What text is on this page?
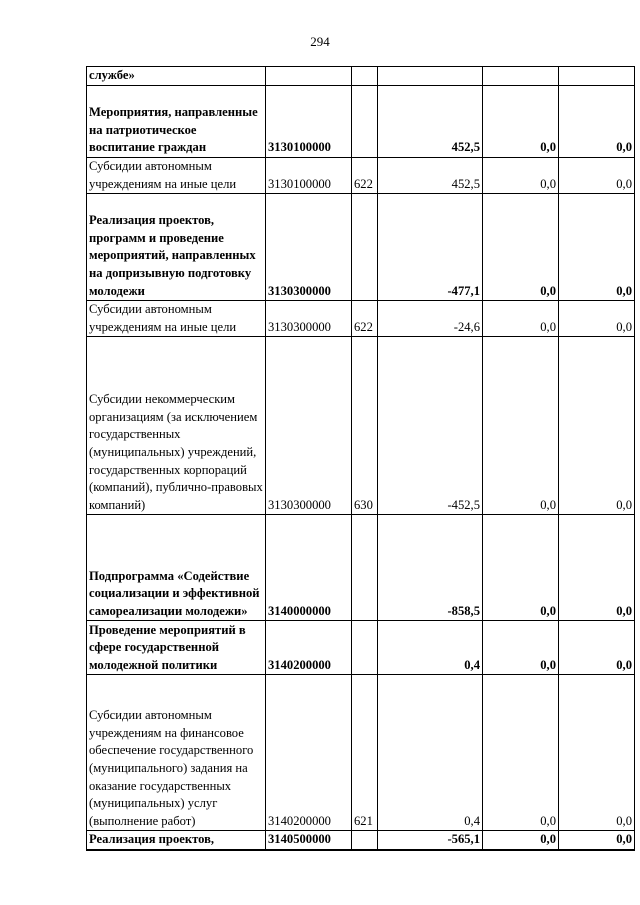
294
службе»					
Мероприятия, направленные на патриотическое воспитание граждан	3130100000		452,5	0,0	0,0
Субсидии автономным учреждениям на иные цели	3130100000	622	452,5	0,0	0,0
Реализация проектов, программ и проведение мероприятий, направленных на допризывную подготовку молодежи	3130300000		-477,1	0,0	0,0
Субсидии автономным учреждениям на иные цели	3130300000	622	-24,6	0,0	0,0
Субсидии некоммерческим организациям (за исключением государственных (муниципальных) учреждений, государственных корпораций (компаний), публично-правовых компаний)	3130300000	630	-452,5	0,0	0,0
Подпрограмма «Содействие социализации и эффективной самореализации молодежи»	3140000000		-858,5	0,0	0,0
Проведение мероприятий в сфере государственной молодежной политики	3140200000		0,4	0,0	0,0
Субсидии автономным учреждениям на финансовое обеспечение государственного (муниципального) задания на оказание государственных (муниципальных) услуг (выполнение работ)	3140200000	621	0,4	0,0	0,0
Реализация проектов,	3140500000		-565,1	0,0	0,0
